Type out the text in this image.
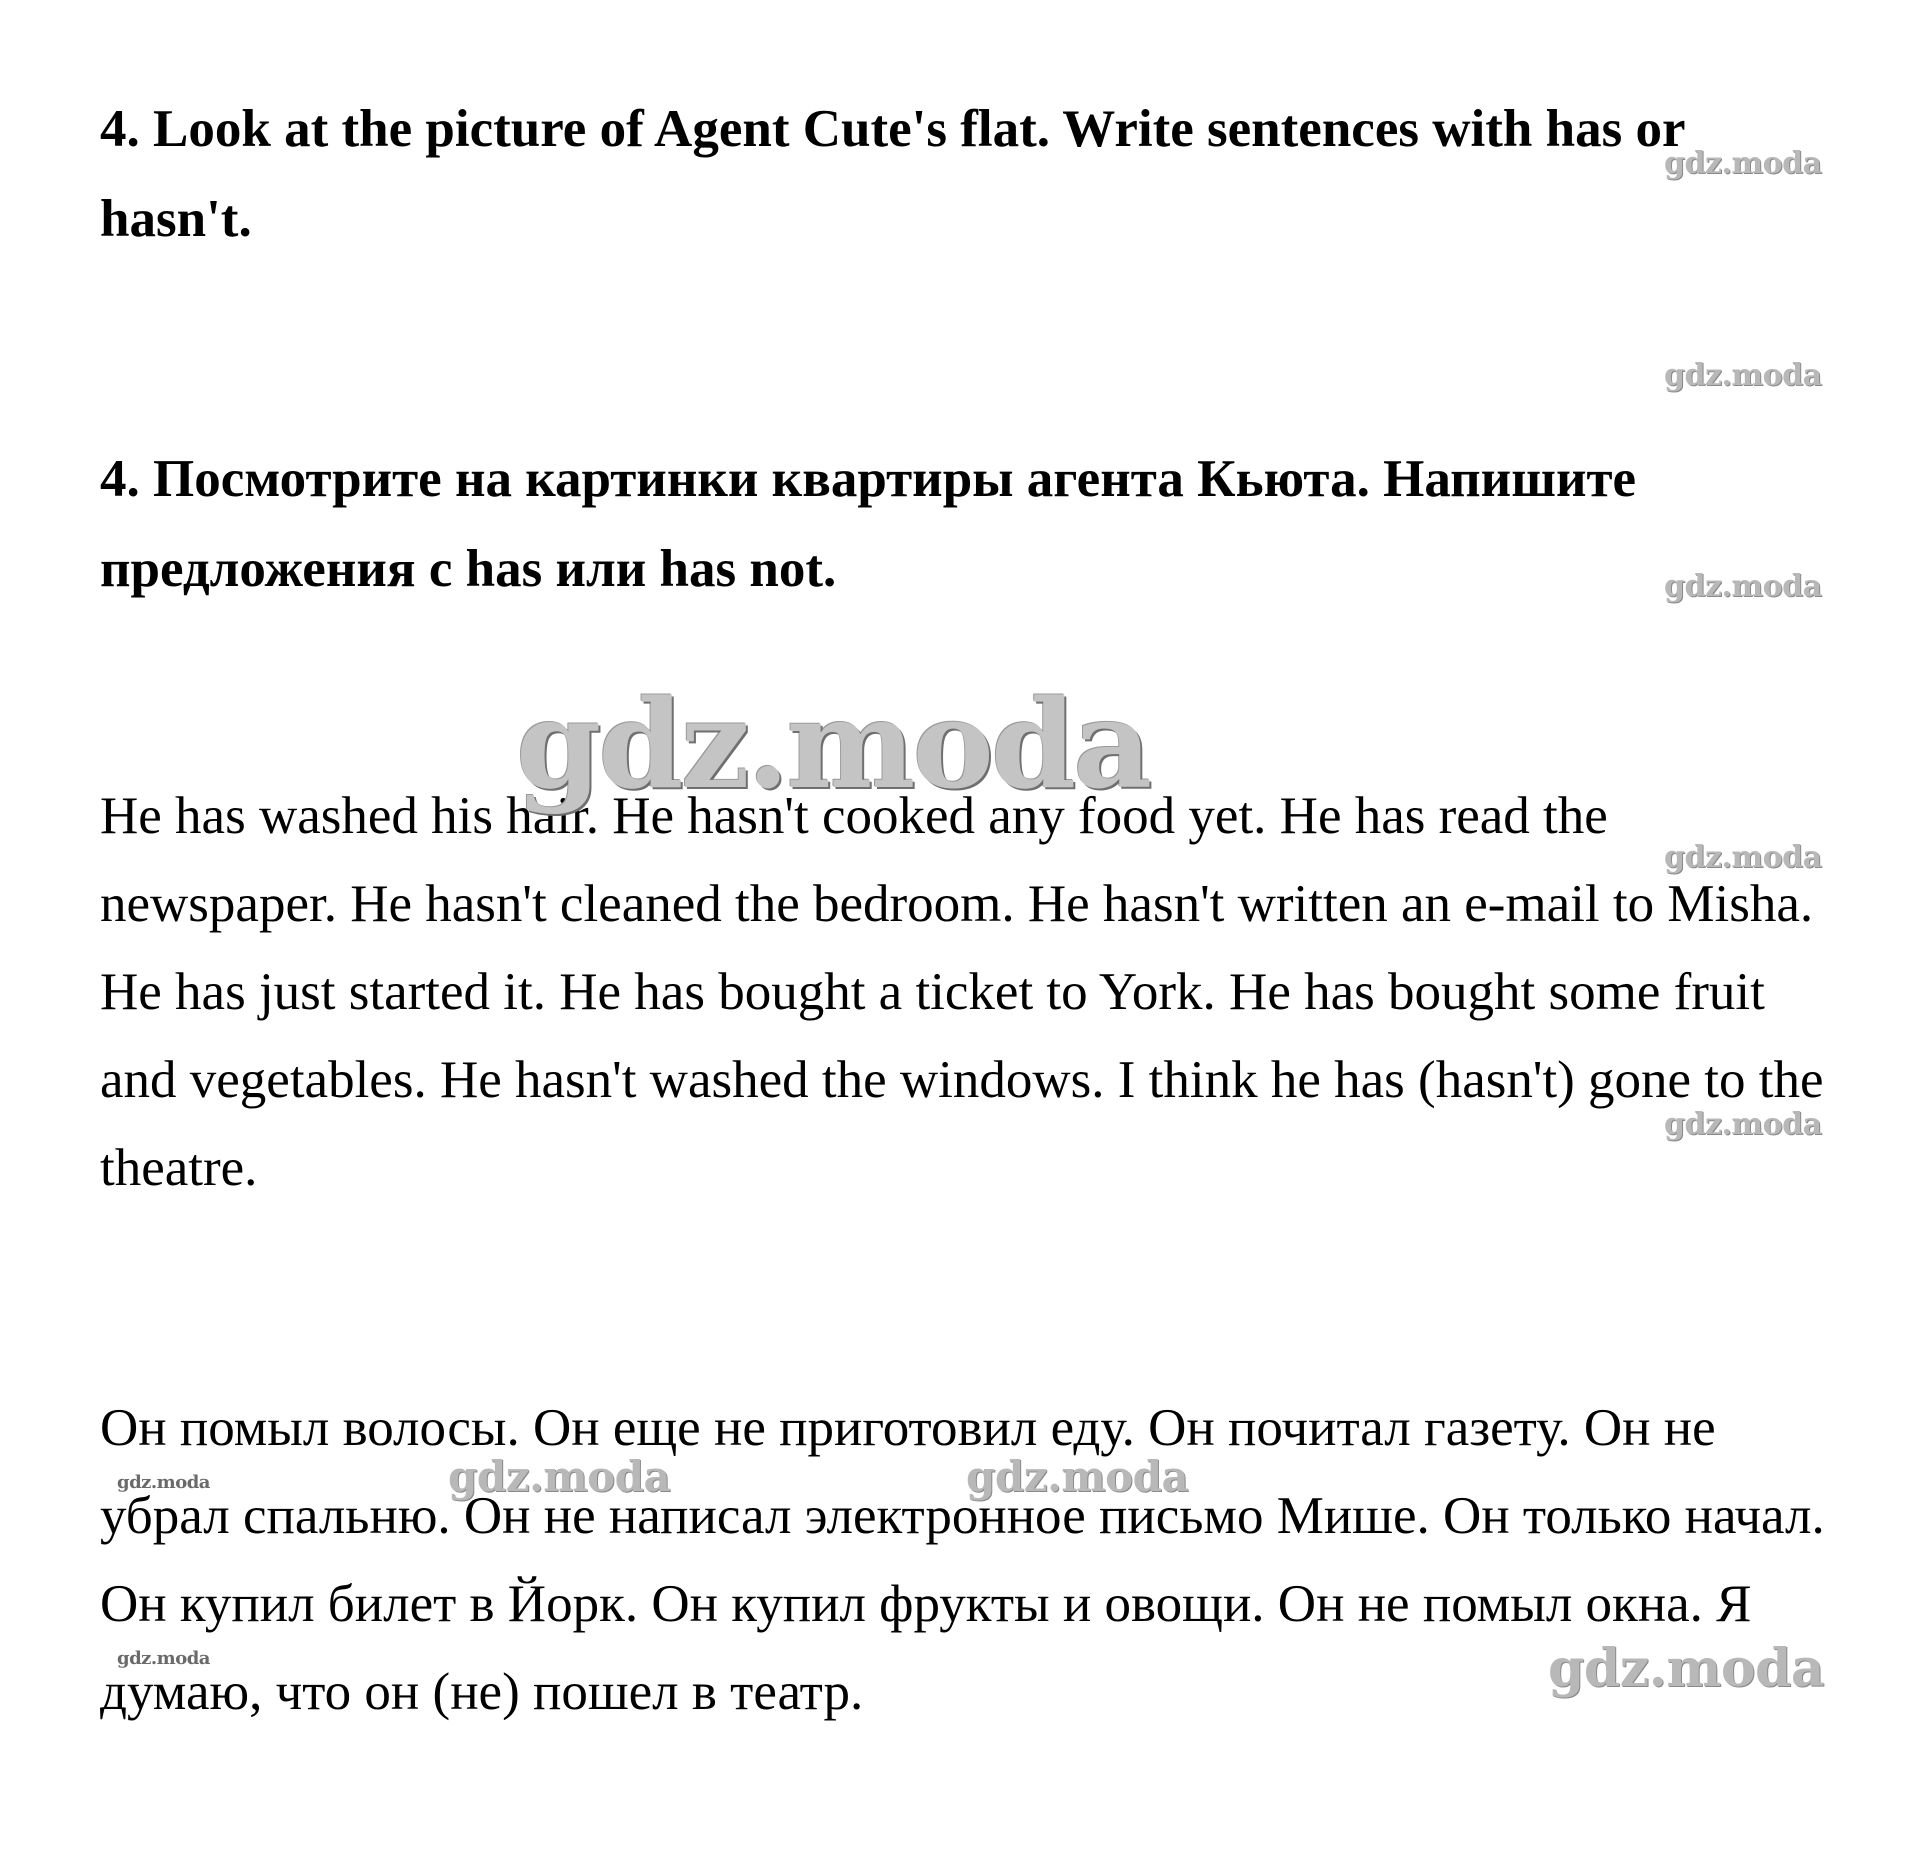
4. Look at the picture of Agent Cute's flat. Write sentences with has or hasn't.

4. Посмотрите на картинки квартиры агента Кьюта. Напишите предложения с has или has not.

He has washed his hair. He hasn't cooked any food yet. He has read the newspaper. He hasn't cleaned the bedroom. He hasn't written an e-mail to Misha. He has just started it. He has bought a ticket to York. He has bought some fruit and vegetables. He hasn't washed the windows. I think he has (hasn't) gone to the theatre.

Он помыл волосы. Он еще не приготовил еду. Он почитал газету. Он не убрал спальню. Он не написал электронное письмо Мише. Он только начал. Он купил билет в Йорк. Он купил фрукты и овощи. Он не помыл окна. Я думаю, что он (не) пошел в театр.

gdz.moda
gdz.moda
gdz.moda
gdz.moda
gdz.moda
gdz.moda
gdz.moda	gdz.moda	gdz.moda
gdz.moda	gdz.moda
